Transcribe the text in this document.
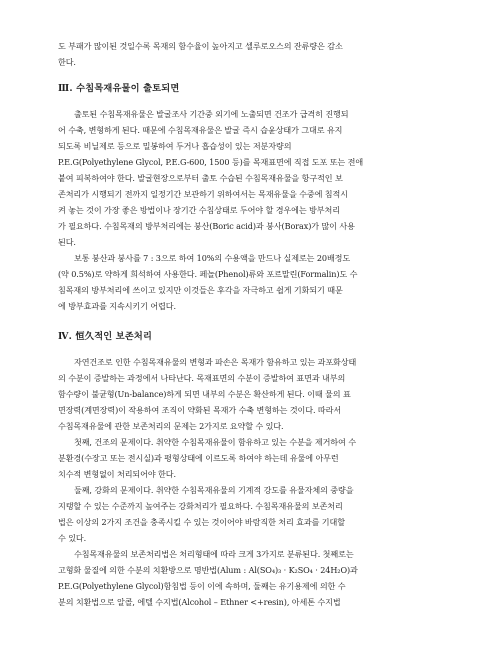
도 부패가 많이된 것일수록 목재의 함수율이 높아지고 셀루로오스의 잔류량은 감소
한다.

Ⅲ. 수침목재유물이 출토되면

출토된 수침목재유물은 발굴조사 기간중 외기에 노출되면 건조가 급격히 진행되
어 수축, 변형하게 된다. 때문에 수침목재유물은 발굴 즉시 습윤상태가 그대로 유지
되도록 비닐제로 등으로 밀봉하여 두거나 흡습성이 있는 저분자량의
P.E.G(Polyethylene Glycol, P.E.G-600, 1500 등)를 목재표면에 직접 도포 또는 전애
붙여 피복하여야 한다. 발굴현장으로부터 출토 수습된 수침목재유물을 항구적인 보
존처리가 시행되기 전까지 일정기간 보관하기 위하여서는 목재유물을 수중에 침적시
켜 놓는 것이 가장 좋은 방법이나 장기간 수침상태로 두어야 할 경우에는 방부처리
가 필요하다. 수침목재의 방부처리에는 붕산(Boric acid)과 붕사(Borax)가 많이 사용
된다.

보통 붕산과 붕사를 7 : 3으로 하여 10%의 수용액을 만드나 실제로는 20배정도
(약 0.5%)로 약하게 희석하여 사용한다. 페놀(Phenol)류와 포르말린(Formalin)도 수
침목재의 방부처리에 쓰이고 있지만 이것들은 후각을 자극하고 쉽게 기화되기 때문
에 방부효과를 지속시키기 어렵다.

Ⅳ. 恒久적인 보존처리

자연건조로 인한 수침목재유물의 변형과 파손은 목재가 함유하고 있는 과포화상태
의 수분이 증발하는 과정에서 나타난다. 목재표면의 수분이 증발하여 표면과 내부의
함수량이 불균형(Un-balance)하게 되면 내부의 수분은 확산하게 된다. 이때 물의 표
면장력(계면장력)이 작용하여 조직이 약화된 목재가 수축 변형하는 것이다. 따라서
수침목재유물에 관한 보존처리의 문제는 2가지로 요약할 수 있다.

첫째, 건조의 문제이다. 취약한 수침목재유물이 함유하고 있는 수분을 제거하여 수
분환경(수장고 또는 전시실)과 평형상태에 이르도록 하여야 하는데 유물에 아무런
치수적 변형없이 처리되어야 한다.

둘째, 강화의 문제이다. 취약한 수침목재유물의 기계적 강도를 유물자체의 중량을
지탱할 수 있는 수준까지 높여주는 강화처리가 필요하다. 수침목재유물의 보존처리
법은 이상의 2가지 조건을 충족시킬 수 있는 것이어야 바람직한 처리 효과를 기대할
수 있다.

수침목재유물의 보존처리법은 처리형태에 따라 크게 3가지로 분류된다. 첫째로는
고형화 물질에 의한 수분의 치환방으로 명반법(Alum : Al(SO₄)₃ · K₂SO₄ · 24H₂O)과
P.E.G(Polyethylene Glycol)함침법 등이 이에 속하며, 둘째는 유기용제에 의한 수
분의 치환법으로 알콜, 에텔 수지법(Alcohol – Ethner <+resin), 아세톤 수지법
